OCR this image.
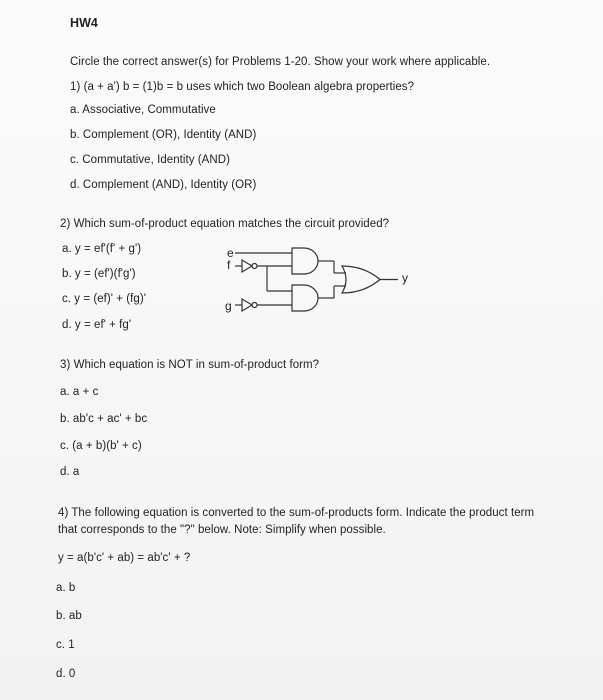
HW4
Circle the correct answer(s) for Problems 1-20. Show your work where applicable.
1) (a + a') b = (1)b = b uses which two Boolean algebra properties?
a. Associative, Commutative
b. Complement (OR), Identity (AND)
c. Commutative, Identity (AND)
d. Complement (AND), Identity (OR)
2) Which sum-of-product equation matches the circuit provided?
a. y = ef'(f' + g')
b. y = (ef')(f'g')
c. y = (ef)' + (fg)'
d. y = ef' + fg'
e
f
g
y
3) Which equation is NOT in sum-of-product form?
a. a + c
b. ab'c + ac' + bc
c. (a + b)(b' + c)
d. a
4) The following equation is converted to the sum-of-products form. Indicate the product term that corresponds to the "?" below. Note: Simplify when possible.
y = a(b'c' + ab) = ab'c' + ?
a. b
b. ab
c. 1
d. 0
